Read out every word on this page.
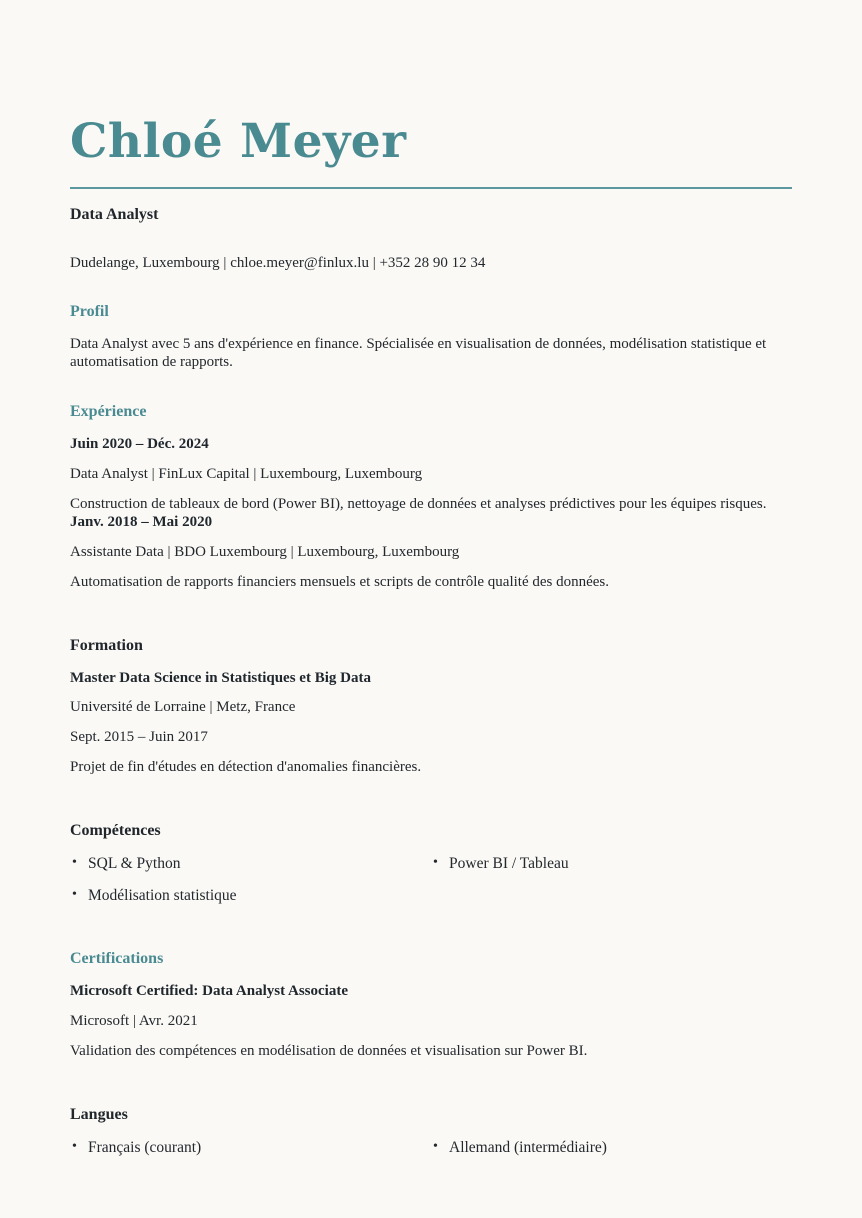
Chloé Meyer

Data Analyst

Dudelange, Luxembourg | chloe.meyer@finlux.lu | +352 28 90 12 34

Profil

Data Analyst avec 5 ans d'expérience en finance. Spécialisée en visualisation de données, modélisation statistique et automatisation de rapports.

Expérience

Juin 2020 – Déc. 2024

Data Analyst | FinLux Capital | Luxembourg, Luxembourg

Construction de tableaux de bord (Power BI), nettoyage de données et analyses prédictives pour les équipes risques.

Janv. 2018 – Mai 2020

Assistante Data | BDO Luxembourg | Luxembourg, Luxembourg

Automatisation de rapports financiers mensuels et scripts de contrôle qualité des données.

Formation

Master Data Science in Statistiques et Big Data

Université de Lorraine | Metz, France

Sept. 2015 – Juin 2017

Projet de fin d'études en détection d'anomalies financières.

Compétences
• SQL & Python
• Modélisation statistique
• Power BI / Tableau
Certifications

Microsoft Certified: Data Analyst Associate

Microsoft | Avr. 2021

Validation des compétences en modélisation de données et visualisation sur Power BI.

Langues
• Français (courant)	• Allemand (intermédiaire)
